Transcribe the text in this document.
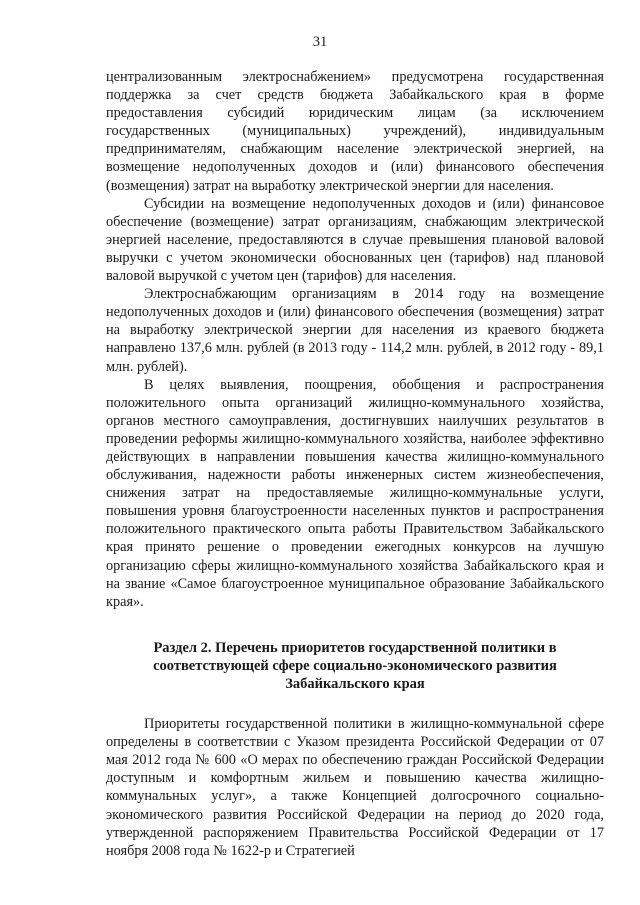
31

централизованным электроснабжением» предусмотрена государственная поддержка за счет средств бюджета Забайкальского края в форме предоставления субсидий юридическим лицам (за исключением государственных (муниципальных) учреждений), индивидуальным предпринимателям, снабжающим население электрической энергией, на возмещение недополученных доходов и (или) финансового обеспечения (возмещения) затрат на выработку электрической энергии для населения.

Субсидии на возмещение недополученных доходов и (или) финансовое обеспечение (возмещение) затрат организациям, снабжающим электрической энергией население, предоставляются в случае превышения плановой валовой выручки с учетом экономически обоснованных цен (тарифов) над плановой валовой выручкой с учетом цен (тарифов) для населения.

Электроснабжающим организациям в 2014 году на возмещение недополученных доходов и (или) финансового обеспечения (возмещения) затрат на выработку электрической энергии для населения из краевого бюджета направлено 137,6 млн. рублей (в 2013 году - 114,2 млн. рублей, в 2012 году - 89,1 млн. рублей).

В целях выявления, поощрения, обобщения и распространения положительного опыта организаций жилищно-коммунального хозяйства, органов местного самоуправления, достигнувших наилучших результатов в проведении реформы жилищно-коммунального хозяйства, наиболее эффективно действующих в направлении повышения качества жилищно-коммунального обслуживания, надежности работы инженерных систем жизнеобеспечения, снижения затрат на предоставляемые жилищно-коммунальные услуги, повышения уровня благоустроенности населенных пунктов и распространения положительного практического опыта работы Правительством Забайкальского края принято решение о проведении ежегодных конкурсов на лучшую организацию сферы жилищно-коммунального хозяйства Забайкальского края и на звание «Самое благоустроенное муниципальное образование Забайкальского края».

Раздел 2. Перечень приоритетов государственной политики в
соответствующей сфере социально-экономического развития
Забайкальского края

Приоритеты государственной политики в жилищно-коммунальной сфере определены в соответствии с Указом президента Российской Федерации от 07 мая 2012 года № 600 «О мерах по обеспечению граждан Российской Федерации доступным и комфортным жильем и повышению качества жилищно-коммунальных услуг», а также Концепцией долгосрочного социально-экономического развития Российской Федерации на период до 2020 года, утвержденной распоряжением Правительства Российской Федерации от 17 ноября 2008 года № 1622-р и Стратегией
